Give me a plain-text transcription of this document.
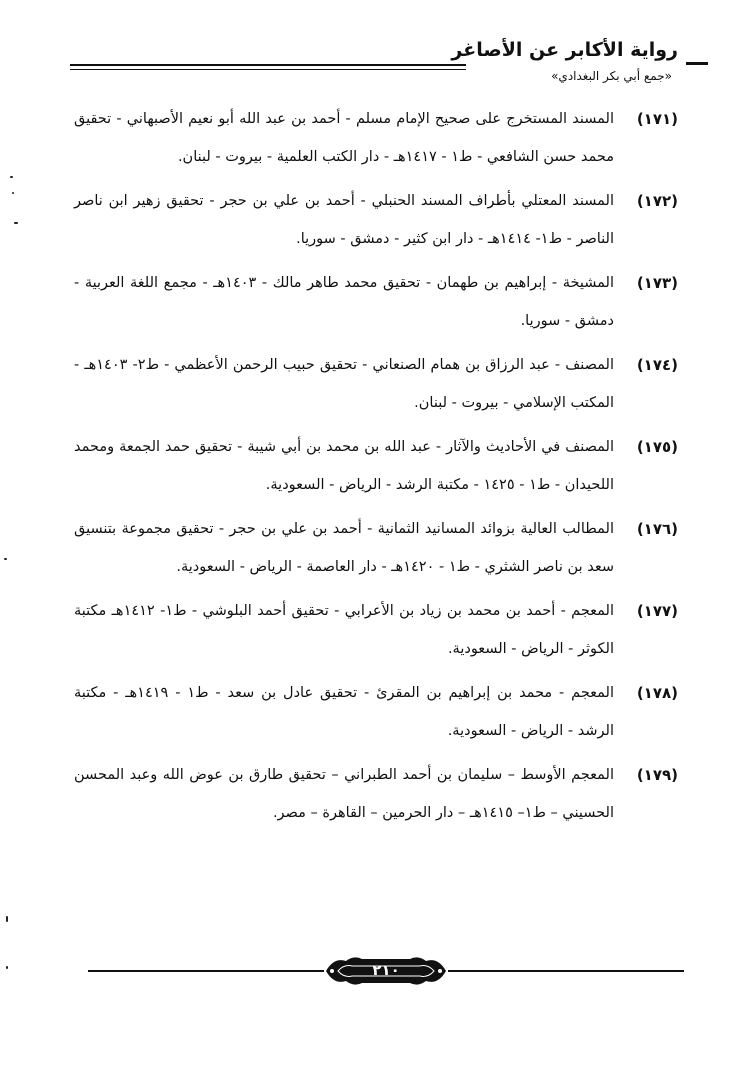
رواية الأكابر عن الأصاغر
«جمع أبي بكر البغدادي»
(١٧١)

المسند المستخرج على صحيح الإمام مسلم - أحمد بن عبد الله أبو نعيم الأصبهاني - تحقيق محمد حسن الشافعي - ط١ - ١٤١٧هـ - دار الكتب العلمية - بيروت - لبنان.

(١٧٢)

المسند المعتلي بأطراف المسند الحنبلي - أحمد بن علي بن حجر - تحقيق زهير ابن ناصر الناصر - ط١- ١٤١٤هـ - دار ابن كثير - دمشق - سوريا.

(١٧٣)

المشيخة - إبراهيم بن طهمان - تحقيق محمد طاهر مالك - ١٤٠٣هـ - مجمع اللغة العربية - دمشق - سوريا.

(١٧٤)

المصنف - عبد الرزاق بن همام الصنعاني - تحقيق حبيب الرحمن الأعظمي - ط٢- ١٤٠٣هـ - المكتب الإسلامي - بيروت - لبنان.

(١٧٥)

المصنف في الأحاديث والآثار - عبد الله بن محمد بن أبي شيبة - تحقيق حمد الجمعة ومحمد اللحيدان - ط١ - ١٤٢٥ - مكتبة الرشد - الرياض - السعودية.

(١٧٦)

المطالب العالية بزوائد المسانيد الثمانية - أحمد بن علي بن حجر - تحقيق مجموعة بتنسيق سعد بن ناصر الشثري - ط١ - ١٤٢٠هـ - دار العاصمة - الرياض - السعودية.

(١٧٧)

المعجم - أحمد بن محمد بن زياد بن الأعرابي - تحقيق أحمد البلوشي - ط١- ١٤١٢هـ مكتبة الكوثر - الرياض - السعودية.

(١٧٨)

المعجم - محمد بن إبراهيم بن المقرئ - تحقيق عادل بن سعد - ط١ - ١٤١٩هـ - مكتبة الرشد - الرياض - السعودية.

(١٧٩)

المعجم الأوسط – سليمان بن أحمد الطبراني – تحقيق طارق بن عوض الله وعبد المحسن الحسيني – ط١– ١٤١٥هـ – دار الحرمين – القاهرة – مصر.

٢١٠
